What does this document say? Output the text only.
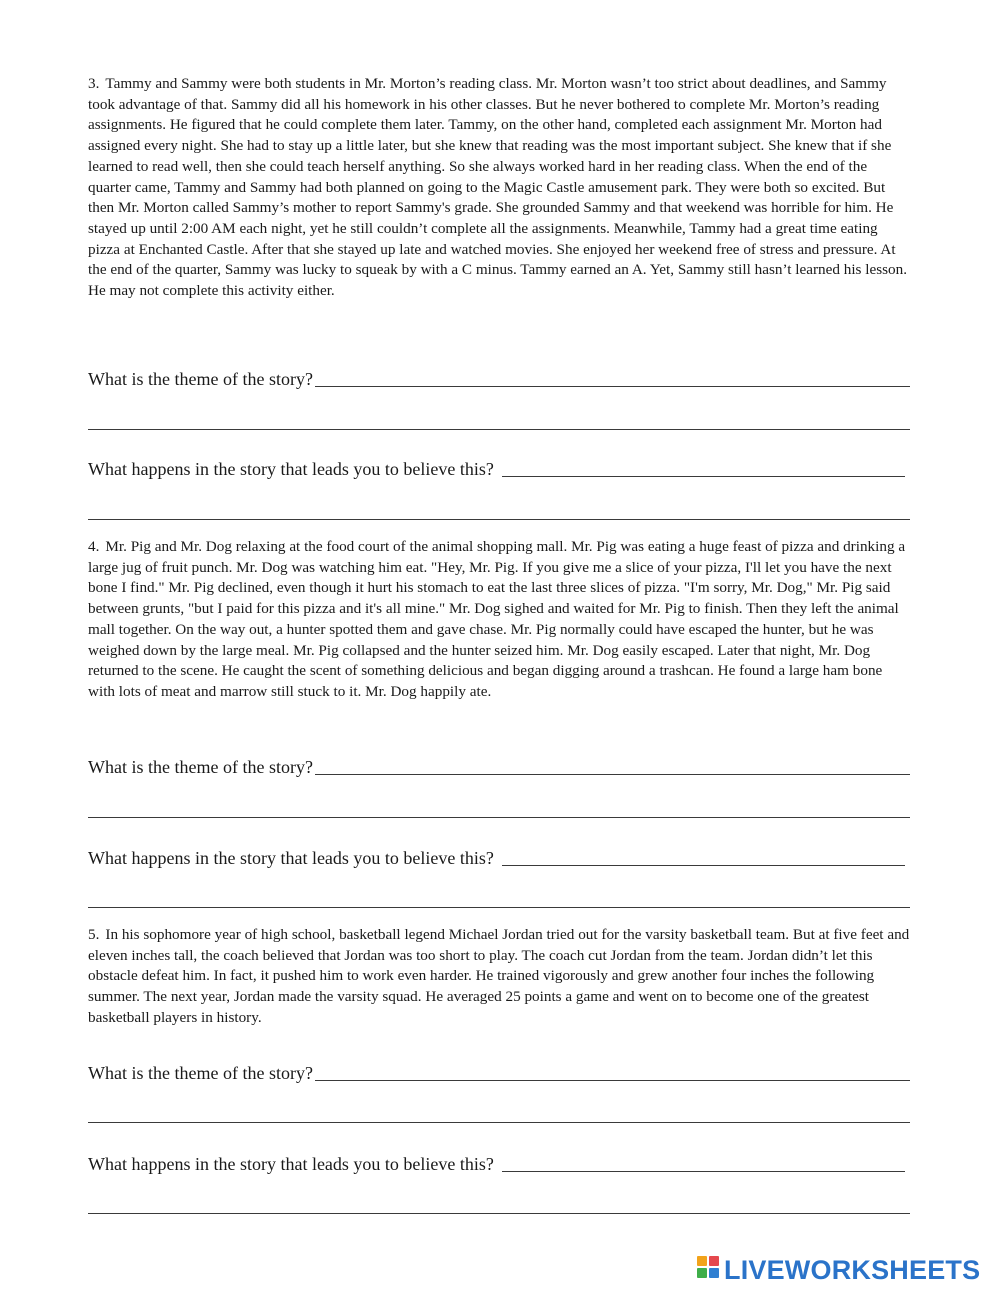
3. Tammy and Sammy were both students in Mr. Morton’s reading class. Mr. Morton wasn’t too strict about deadlines, and Sammy took advantage of that. Sammy did all his homework in his other classes. But he never bothered to complete Mr. Morton’s reading assignments. He figured that he could complete them later. Tammy, on the other hand, completed each assignment Mr. Morton had assigned every night. She had to stay up a little later, but she knew that reading was the most important subject. She knew that if she learned to read well, then she could teach herself anything. So she always worked hard in her reading class. When the end of the quarter came, Tammy and Sammy had both planned on going to the Magic Castle amusement park. They were both so excited. But then Mr. Morton called Sammy’s mother to report Sammy's grade. She grounded Sammy and that weekend was horrible for him. He stayed up until 2:00 AM each night, yet he still couldn’t complete all the assignments. Meanwhile, Tammy had a great time eating pizza at Enchanted Castle. After that she stayed up late and watched movies. She enjoyed her weekend free of stress and pressure. At the end of the quarter, Sammy was lucky to squeak by with a C minus. Tammy earned an A. Yet, Sammy still hasn’t learned his lesson. He may not complete this activity either.

What is the theme of the story?
What happens in the story that leads you to believe this?

4. Mr. Pig and Mr. Dog relaxing at the food court of the animal shopping mall. Mr. Pig was eating a huge feast of pizza and drinking a large jug of fruit punch. Mr. Dog was watching him eat. "Hey, Mr. Pig. If you give me a slice of your pizza, I'll let you have the next bone I find." Mr. Pig declined, even though it hurt his stomach to eat the last three slices of pizza. "I'm sorry, Mr. Dog," Mr. Pig said between grunts, "but I paid for this pizza and it's all mine." Mr. Dog sighed and waited for Mr. Pig to finish. Then they left the animal mall together. On the way out, a hunter spotted them and gave chase. Mr. Pig normally could have escaped the hunter, but he was weighed down by the large meal. Mr. Pig collapsed and the hunter seized him. Mr. Dog easily escaped. Later that night, Mr. Dog returned to the scene. He caught the scent of something delicious and began digging around a trashcan. He found a large ham bone with lots of meat and marrow still stuck to it. Mr. Dog happily ate.

What is the theme of the story?
What happens in the story that leads you to believe this?

5. In his sophomore year of high school, basketball legend Michael Jordan tried out for the varsity basketball team. But at five feet and eleven inches tall, the coach believed that Jordan was too short to play. The coach cut Jordan from the team. Jordan didn’t let this obstacle defeat him. In fact, it pushed him to work even harder. He trained vigorously and grew another four inches the following summer. The next year, Jordan made the varsity squad. He averaged 25 points a game and went on to become one of the greatest basketball players in history.

What is the theme of the story?
What happens in the story that leads you to believe this?
LIVEWORKSHEETS
